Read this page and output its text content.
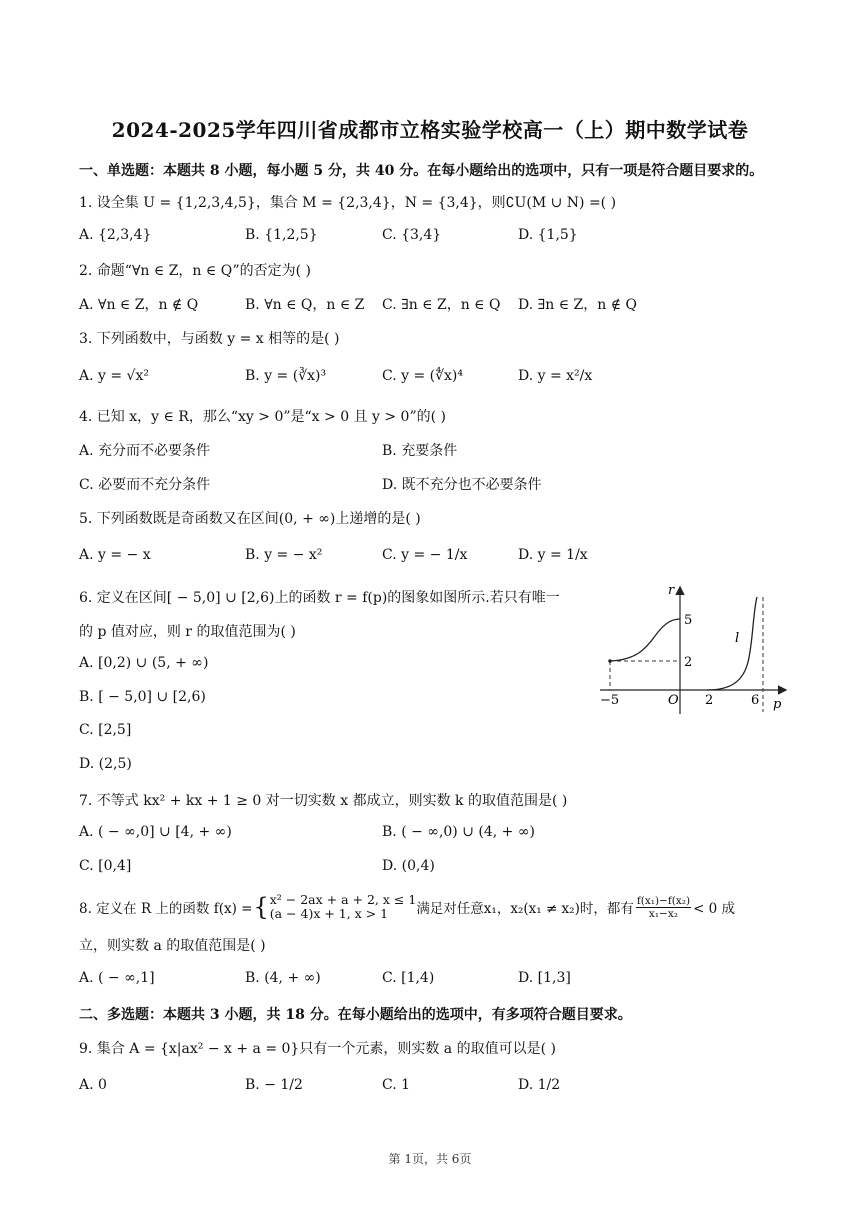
2024-2025学年四川省成都市立格实验学校高一（上）期中数学试卷
一、单选题：本题共 8 小题，每小题 5 分，共 40 分。在每小题给出的选项中，只有一项是符合题目要求的。
1. 设全集 U = {1,2,3,4,5}，集合 M = {2,3,4}，N = {3,4}，则∁U(M ∪ N) =( )
A. {2,3,4}	B. {1,2,5}	C. {3,4}	D. {1,5}
2. 命题“∀n ∈ Z，n ∈ Q”的否定为( )
A. ∀n ∈ Z，n ∉ Q	B. ∀n ∈ Q，n ∈ Z C. ∃n ∈ Z，n ∈ Q D. ∃n ∈ Z，n ∉ Q
3. 下列函数中，与函数 y = x 相等的是( )
A. y = √x²	B. y = (∛x)³	C. y = (∜x)⁴	D. y = x²/x
4. 已知 x，y ∈ R，那么“xy > 0”是“x > 0 且 y > 0”的( )
A. 充分而不必要条件	B. 充要条件
C. 必要而不充分条件	D. 既不充分也不必要条件
5. 下列函数既是奇函数又在区间(0, + ∞)上递增的是( )
A. y = − x	B. y = − x²	C. y = − 1/x	D. y = 1/x
6. 定义在区间[ − 5,0] ∪ [2,6)上的函数 r = f(p)的图象如图所示.若只有唯一
的 p 值对应，则 r 的取值范围为( )
A. [0,2) ∪ (5, + ∞)
B. [ − 5,0] ∪ [2,6)
C. [2,5]
D. (2,5)
r
p
O
5
2
−5	2	6
l
7. 不等式 kx² + kx + 1 ≥ 0 对一切实数 x 都成立，则实数 k 的取值范围是( )
A. ( − ∞,0] ∪ [4, + ∞)	B. ( − ∞,0) ∪ (4, + ∞)
C. [0,4]	D. (0,4)
8. 定义在 R 上的函数 f(x) = { x² − 2ax + a + 2, x ≤ 1
(a − 4)x + 1, x > 1	满足对任意x₁，x₂(x₁ ≠ x₂)时，都有 $\frac{\text{f(x₁)−f(x₂)}}{\text{x₁−x₂}} < 0$ 成
立，则实数 a 的取值范围是( )
A. ( − ∞,1]	B. (4, + ∞)	C. [1,4)	D. [1,3]
二、多选题：本题共 3 小题，共 18 分。在每小题给出的选项中，有多项符合题目要求。
9. 集合 A = {x|ax² − x + a = 0}只有一个元素，则实数 a 的取值可以是( )
A. 0	B. − 1/2	C. 1	D. 1/2
第 1页，共 6页
